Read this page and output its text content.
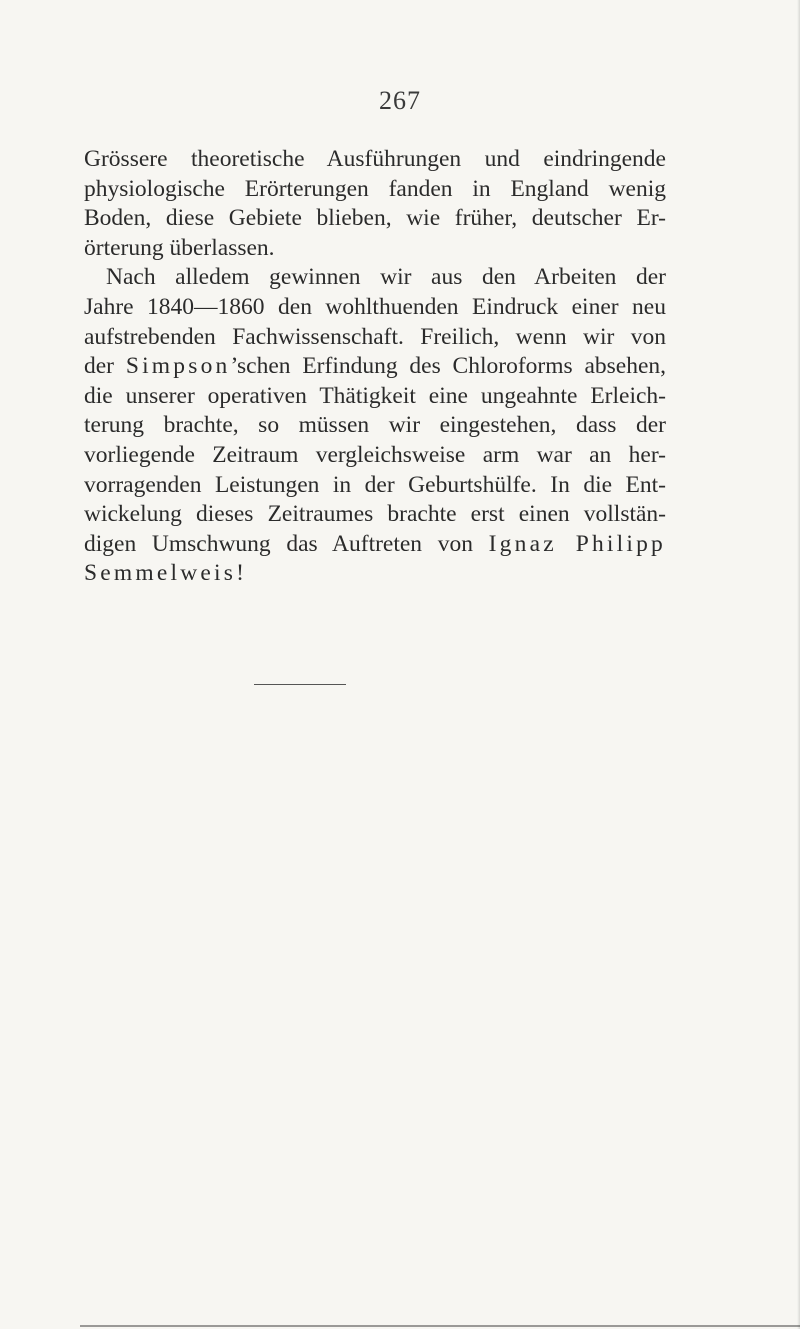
267
Grössere theoretische Ausführungen und eindringende
physiologische Erörterungen fanden in England wenig
Boden, diese Gebiete blieben, wie früher, deutscher Er-
örterung überlassen.
Nach alledem gewinnen wir aus den Arbeiten der
Jahre 1840—1860 den wohlthuenden Eindruck einer neu
aufstrebenden Fachwissenschaft. Freilich, wenn wir von
der Simpson’schen Erfindung des Chloroforms absehen,
die unserer operativen Thätigkeit eine ungeahnte Erleich-
terung brachte, so müssen wir eingestehen, dass der
vorliegende Zeitraum vergleichsweise arm war an her-
vorragenden Leistungen in der Geburtshülfe. In die Ent-
wickelung dieses Zeitraumes brachte erst einen vollstän-
digen Umschwung das Auftreten von Ignaz Philipp
Semmelweis!
